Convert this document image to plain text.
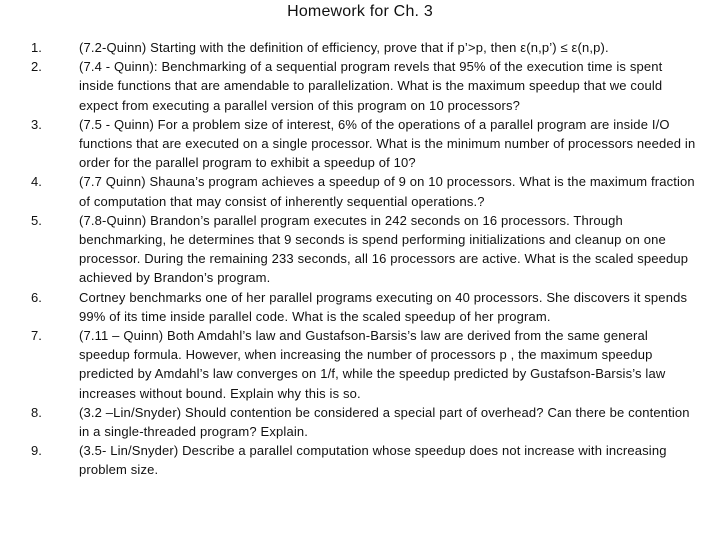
Homework for Ch. 3
1.	(7.2-Quinn) Starting with the definition of efficiency, prove that if p’>p, then ε(n,p’) ≤ ε(n,p).
2.	(7.4 - Quinn): Benchmarking of a sequential program revels that 95% of the execution time is spent inside functions that are amendable to parallelization. What is the maximum speedup that we could expect from executing a parallel version of this program on 10 processors?
3.	(7.5 - Quinn) For a problem size of interest, 6% of the operations of a parallel program are inside I/O functions that are executed on a single processor. What is the minimum number of processors needed in order for the parallel program to exhibit a speedup of 10?
4.	(7.7 Quinn) Shauna’s program achieves a speedup of 9 on 10 processors. What is the maximum fraction of computation that may consist of inherently sequential operations.?
5.	(7.8-Quinn) Brandon’s parallel program executes in 242 seconds on 16 processors. Through benchmarking, he determines that 9 seconds is spend performing initializations and cleanup on one processor. During the remaining 233 seconds, all 16 processors are active. What is the scaled speedup achieved by Brandon’s program.
6.	Cortney benchmarks one of her parallel programs executing on 40 processors. She discovers it spends 99% of its time inside parallel code. What is the scaled speedup of her program.
7.	(7.11 – Quinn) Both Amdahl’s law and Gustafson-Barsis’s law are derived from the same general speedup formula. However, when increasing the number of processors p , the maximum speedup predicted by Amdahl’s law converges on 1/f, while the speedup predicted by Gustafson-Barsis’s law increases without bound. Explain why this is so.
8.	(3.2 –Lin/Snyder) Should contention be considered a special part of overhead? Can there be contention in a single-threaded program? Explain.
9.	(3.5- Lin/Snyder) Describe a parallel computation whose speedup does not increase with increasing problem size.
